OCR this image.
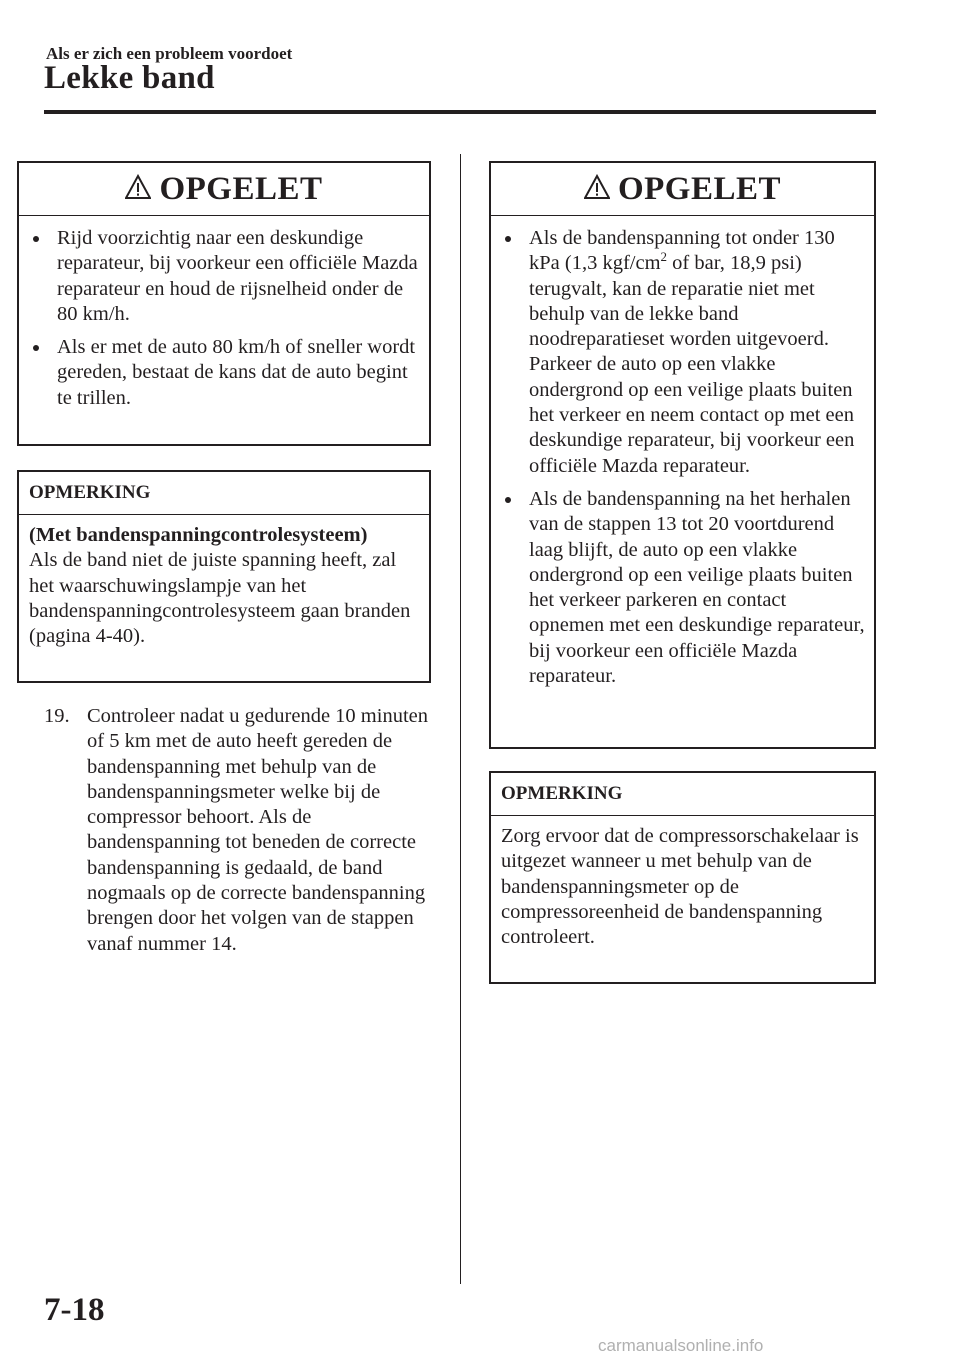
Als er zich een probleem voordoet
Lekke band
OPGELET
Rijd voorzichtig naar een deskundige reparateur, bij voorkeur een officiële Mazda reparateur en houd de rijsnelheid onder de 80 km/h.
Als er met de auto 80 km/h of sneller wordt gereden, bestaat de kans dat de auto begint te trillen.
OPMERKING
(Met bandenspanningcontrolesysteem)
Als de band niet de juiste spanning heeft, zal het waarschuwingslampje van het bandenspanningcontrolesysteem gaan branden (pagina 4-40).
19. Controleer nadat u gedurende 10 minuten of 5 km met de auto heeft gereden de bandenspanning met behulp van de bandenspanningsmeter welke bij de compressor behoort. Als de bandenspanning tot beneden de correcte bandenspanning is gedaald, de band nogmaals op de correcte bandenspanning brengen door het volgen van de stappen vanaf nummer 14.
OPGELET
Als de bandenspanning tot onder 130 kPa (1,3 kgf/$cm^2$ of bar, 18,9 psi) terugvalt, kan de reparatie niet met behulp van de lekke band noodreparatieset worden uitgevoerd. Parkeer de auto op een vlakke ondergrond op een veilige plaats buiten het verkeer en neem contact op met een deskundige reparateur, bij voorkeur een officiële Mazda reparateur.
Als de bandenspanning na het herhalen van de stappen 13 tot 20 voortdurend laag blijft, de auto op een vlakke ondergrond op een veilige plaats buiten het verkeer parkeren en contact opnemen met een deskundige reparateur, bij voorkeur een officiële Mazda reparateur.
OPMERKING
Zorg ervoor dat de compressorschakelaar is uitgezet wanneer u met behulp van de bandenspanningsmeter op de compressoreenheid de bandenspanning controleert.
7-18
carmanualsonline.info
